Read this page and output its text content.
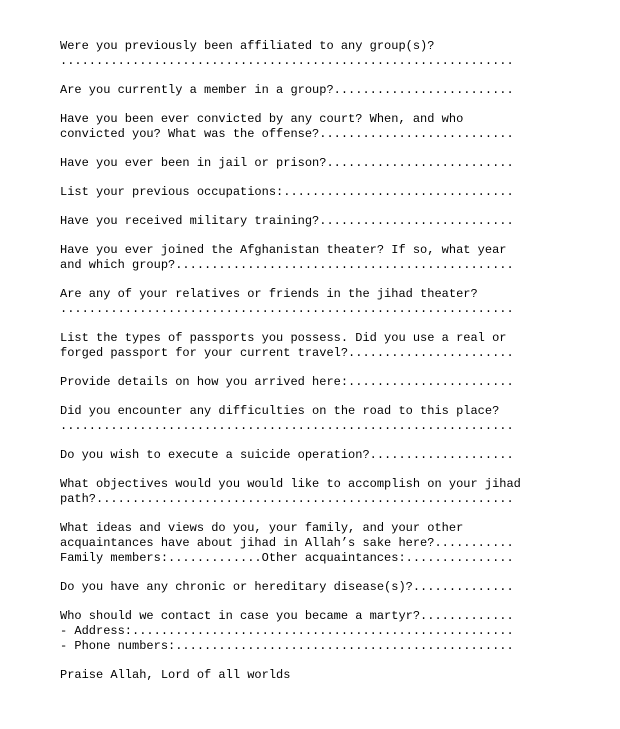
Were you previously been affiliated to any group(s)?
...............................................................
Are you currently a member in a group?.........................
Have you been ever convicted by any court? When, and who
convicted you? What was the offense?...........................
Have you ever been in jail or prison?..........................
List your previous occupations:................................
Have you received military training?...........................
Have you ever joined the Afghanistan theater? If so, what year
and which group?...............................................
Are any of your relatives or friends in the jihad theater?
...............................................................
List the types of passports you possess. Did you use a real or
forged passport for your current travel?.......................
Provide details on how you arrived here:.......................
Did you encounter any difficulties on the road to this place?
...............................................................
Do you wish to execute a suicide operation?....................
What objectives would you would like to accomplish on your jihad
path?..........................................................
What ideas and views do you, your family, and your other
acquaintances have about jihad in Allah’s sake here?...........
Family members:.............Other acquaintances:...............
Do you have any chronic or hereditary disease(s)?..............
Who should we contact in case you became a martyr?.............
- Address:.....................................................
- Phone numbers:...............................................
Praise Allah, Lord of all worlds
